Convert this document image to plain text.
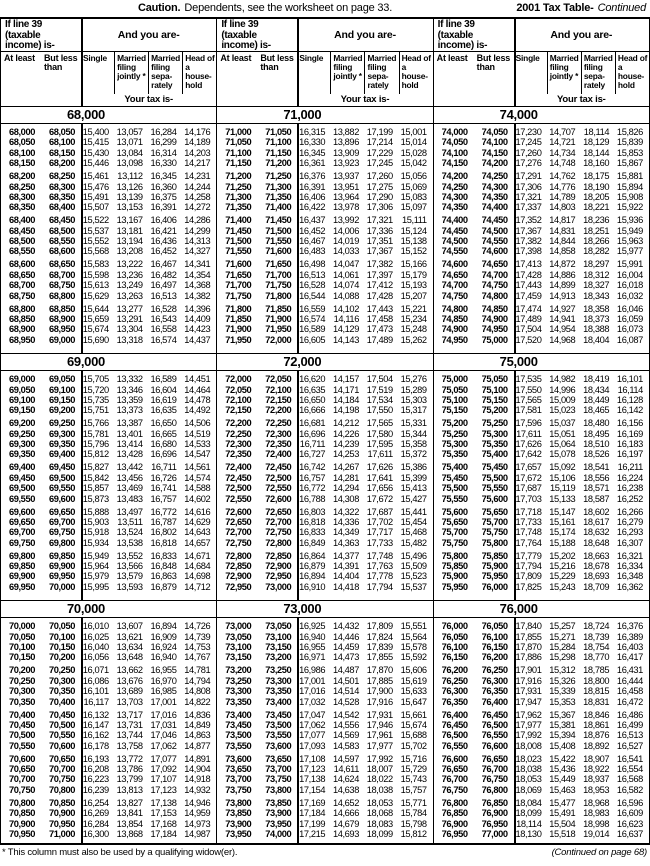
Caution. Dependents, see the worksheet on page 33.	2001 Tax Table- Continued
If line 39 (taxable income) is-
And you are-
At least	But less than
Single	Married filing jointly *
Married filing sepa- rately
Head of a house- hold
Your tax is-
68,000
68,000	68,050 15,400 13,057 16,284 14,176
68,050	68,100 15,415 13,071 16,299 14,189
68,100	68,150 15,430 13,084 16,314 14,203
68,150	68,200 15,446 13,098 16,330 14,217
68,200	68,250 15,461 13,112 16,345 14,231
68,250	68,300 15,476 13,126 16,360 14,244
68,300	68,350 15,491 13,139 16,375 14,258
68,350	68,400 15,507 13,153 16,391 14,272
68,400	68,450 15,522 13,167 16,406 14,286
68,450	68,500 15,537 13,181 16,421 14,299
68,500	68,550 15,552 13,194 16,436 14,313
68,550	68,600 15,568 13,208 16,452 14,327
68,600	68,650 15,583 13,222 16,467 14,341
68,650	68,700 15,598 13,236 16,482 14,354
68,700	68,750 15,613 13,249 16,497 14,368
68,750	68,800 15,629 13,263 16,513 14,382
68,800	68,850 15,644 13,277 16,528 14,396
68,850	68,900 15,659 13,291 16,543 14,409
68,900	68,950 15,674 13,304 16,558 14,423
68,950	69,000 15,690 13,318 16,574 14,437
69,000
69,000	69,050 15,705 13,332 16,589 14,451
69,050	69,100 15,720 13,346 16,604 14,464
69,100	69,150 15,735 13,359 16,619 14,478
69,150	69,200 15,751 13,373 16,635 14,492
69,200	69,250 15,766 13,387 16,650 14,506
69,250	69,300 15,781 13,401 16,665 14,519
69,300	69,350 15,796 13,414 16,680 14,533
69,350	69,400 15,812 13,428 16,696 14,547
69,400	69,450 15,827 13,442 16,711 14,561
69,450	69,500 15,842 13,456 16,726 14,574
69,500	69,550 15,857 13,469 16,741 14,588
69,550	69,600 15,873 13,483 16,757 14,602
69,600	69,650 15,888 13,497 16,772 14,616
69,650	69,700 15,903 13,511 16,787 14,629
69,700	69,750 15,918 13,524 16,802 14,643
69,750	69,800 15,934 13,538 16,818 14,657
69,800	69,850 15,949 13,552 16,833 14,671
69,850	69,900 15,964 13,566 16,848 14,684
69,900	69,950 15,979 13,579 16,863 14,698
69,950	70,000 15,995 13,593 16,879 14,712
70,000
70,000	70,050 16,010 13,607 16,894 14,726
70,050	70,100 16,025 13,621 16,909 14,739
70,100	70,150 16,040 13,634 16,924 14,753
70,150	70,200 16,056 13,648 16,940 14,767
70,200	70,250 16,071 13,662 16,955 14,781
70,250	70,300 16,086 13,676 16,970 14,794
70,300	70,350 16,101 13,689 16,985 14,808
70,350	70,400 16,117 13,703 17,001 14,822
70,400	70,450 16,132 13,717 17,016 14,836
70,450	70,500 16,147 13,731 17,031 14,849
70,500	70,550 16,162 13,744 17,046 14,863
70,550	70,600 16,178 13,758 17,062 14,877
70,600	70,650 16,193 13,772 17,077 14,891
70,650	70,700 16,208 13,786 17,092 14,904
70,700	70,750 16,223 13,799 17,107 14,918
70,750	70,800 16,239 13,813 17,123 14,932
70,800	70,850 16,254 13,827 17,138 14,946
70,850	70,900 16,269 13,841 17,153 14,959
70,900	70,950 16,284 13,854 17,168 14,973
70,950	71,000 16,300 13,868 17,184 14,987
If line 39 (taxable income) is-
And you are-
At least	But less than
Single	Married filing jointly *
Married filing sepa- rately
Head of a house- hold
Your tax is-
71,000
71,000	71,050 16,315 13,882 17,199 15,001
71,050	71,100 16,330 13,896 17,214 15,014
71,100	71,150 16,345 13,909 17,229 15,028
71,150	71,200 16,361 13,923 17,245 15,042
71,200	71,250 16,376 13,937 17,260 15,056
71,250	71,300 16,391 13,951 17,275 15,069
71,300	71,350 16,406 13,964 17,290 15,083
71,350	71,400 16,422 13,978 17,306 15,097
71,400	71,450 16,437 13,992 17,321 15,111
71,450	71,500 16,452 14,006 17,336 15,124
71,500	71,550 16,467 14,019 17,351 15,138
71,550	71,600 16,483 14,033 17,367 15,152
71,600	71,650 16,498 14,047 17,382 15,166
71,650	71,700 16,513 14,061 17,397 15,179
71,700	71,750 16,528 14,074 17,412 15,193
71,750	71,800 16,544 14,088 17,428 15,207
71,800	71,850 16,559 14,102 17,443 15,221
71,850	71,900 16,574 14,116 17,458 15,234
71,900	71,950 16,589 14,129 17,473 15,248
71,950	72,000 16,605 14,143 17,489 15,262
72,000
72,000	72,050 16,620 14,157 17,504 15,276
72,050	72,100 16,635 14,171 17,519 15,289
72,100	72,150 16,650 14,184 17,534 15,303
72,150	72,200 16,666 14,198 17,550 15,317
72,200	72,250 16,681 14,212 17,565 15,331
72,250	72,300 16,696 14,226 17,580 15,344
72,300	72,350 16,711 14,239 17,595 15,358
72,350	72,400 16,727 14,253 17,611 15,372
72,400	72,450 16,742 14,267 17,626 15,386
72,450	72,500 16,757 14,281 17,641 15,399
72,500	72,550 16,772 14,294 17,656 15,413
72,550	72,600 16,788 14,308 17,672 15,427
72,600	72,650 16,803 14,322 17,687 15,441
72,650	72,700 16,818 14,336 17,702 15,454
72,700	72,750 16,833 14,349 17,717 15,468
72,750	72,800 16,849 14,363 17,733 15,482
72,800	72,850 16,864 14,377 17,748 15,496
72,850	72,900 16,879 14,391 17,763 15,509
72,900	72,950 16,894 14,404 17,778 15,523
72,950	73,000 16,910 14,418 17,794 15,537
73,000
73,000	73,050 16,925 14,432 17,809 15,551
73,050	73,100 16,940 14,446 17,824 15,564
73,100	73,150 16,955 14,459 17,839 15,578
73,150	73,200 16,971 14,473 17,855 15,592
73,200	73,250 16,986 14,487 17,870 15,606
73,250	73,300 17,001 14,501 17,885 15,619
73,300	73,350 17,016 14,514 17,900 15,633
73,350	73,400 17,032 14,528 17,916 15,647
73,400	73,450 17,047 14,542 17,931 15,661
73,450	73,500 17,062 14,556 17,946 15,674
73,500	73,550 17,077 14,569 17,961 15,688
73,550	73,600 17,093 14,583 17,977 15,702
73,600	73,650 17,108 14,597 17,992 15,716
73,650	73,700 17,123 14,611 18,007 15,729
73,700	73,750 17,138 14,624 18,022 15,743
73,750	73,800 17,154 14,638 18,038 15,757
73,800	73,850 17,169 14,652 18,053 15,771
73,850	73,900 17,184 14,666 18,068 15,784
73,900	73,950 17,199 14,679 18,083 15,798
73,950	74,000 17,215 14,693 18,099 15,812
If line 39 (taxable income) is-
And you are-
At least	But less than
Single	Married filing jointly *
Married filing sepa- rately
Head of a house- hold
Your tax is-
74,000
74,000	74,050 17,230 14,707 18,114 15,826
74,050	74,100 17,245 14,721 18,129 15,839
74,100	74,150 17,260 14,734 18,144 15,853
74,150	74,200 17,276 14,748 18,160 15,867
74,200	74,250 17,291 14,762 18,175 15,881
74,250	74,300 17,306 14,776 18,190 15,894
74,300	74,350 17,321 14,789 18,205 15,908
74,350	74,400 17,337 14,803 18,221 15,922
74,400	74,450 17,352 14,817 18,236 15,936
74,450	74,500 17,367 14,831 18,251 15,949
74,500	74,550 17,382 14,844 18,266 15,963
74,550	74,600 17,398 14,858 18,282 15,977
74,600	74,650 17,413 14,872 18,297 15,991
74,650	74,700 17,428 14,886 18,312 16,004
74,700	74,750 17,443 14,899 18,327 16,018
74,750	74,800 17,459 14,913 18,343 16,032
74,800	74,850 17,474 14,927 18,358 16,046
74,850	74,900 17,489 14,941 18,373 16,059
74,900	74,950 17,504 14,954 18,388 16,073
74,950	75,000 17,520 14,968 18,404 16,087
75,000
75,000	75,050 17,535 14,982 18,419 16,101
75,050	75,100 17,550 14,996 18,434 16,114
75,100	75,150 17,565 15,009 18,449 16,128
75,150	75,200 17,581 15,023 18,465 16,142
75,200	75,250 17,596 15,037 18,480 16,156
75,250	75,300 17,611 15,051 18,495 16,169
75,300	75,350 17,626 15,064 18,510 16,183
75,350	75,400 17,642 15,078 18,526 16,197
75,400	75,450 17,657 15,092 18,541 16,211
75,450	75,500 17,672 15,106 18,556 16,224
75,500	75,550 17,687 15,119 18,571 16,238
75,550	75,600 17,703 15,133 18,587 16,252
75,600	75,650 17,718 15,147 18,602 16,266
75,650	75,700 17,733 15,161 18,617 16,279
75,700	75,750 17,748 15,174 18,632 16,293
75,750	75,800 17,764 15,188 18,648 16,307
75,800	75,850 17,779 15,202 18,663 16,321
75,850	75,900 17,794 15,216 18,678 16,334
75,900	75,950 17,809 15,229 18,693 16,348
75,950	76,000 17,825 15,243 18,709 16,362
76,000
76,000	76,050 17,840 15,257 18,724 16,376
76,050	76,100 17,855 15,271 18,739 16,389
76,100	76,150 17,870 15,284 18,754 16,403
76,150	76,200 17,886 15,298 18,770 16,417
76,200	76,250 17,901 15,312 18,785 16,431
76,250	76,300 17,916 15,326 18,800 16,444
76,300	76,350 17,931 15,339 18,815 16,458
76,350	76,400 17,947 15,353 18,831 16,472
76,400	76,450 17,962 15,367 18,846 16,486
76,450	76,500 17,977 15,381 18,861 16,499
76,500	76,550 17,992 15,394 18,876 16,513
76,550	76,600 18,008 15,408 18,892 16,527
76,600	76,650 18,023 15,422 18,907 16,541
76,650	76,700 18,038 15,436 18,922 16,554
76,700	76,750 18,053 15,449 18,937 16,568
76,750	76,800 18,069 15,463 18,953 16,582
76,800	76,850 18,084 15,477 18,968 16,596
76,850	76,900 18,099 15,491 18,983 16,609
76,900	76,950 18,114 15,504 18,998 16,623
76,950	77,000 18,130 15,518 19,014 16,637
* This column must also be used by a qualifying widow(er).	(Continued on page 68)
